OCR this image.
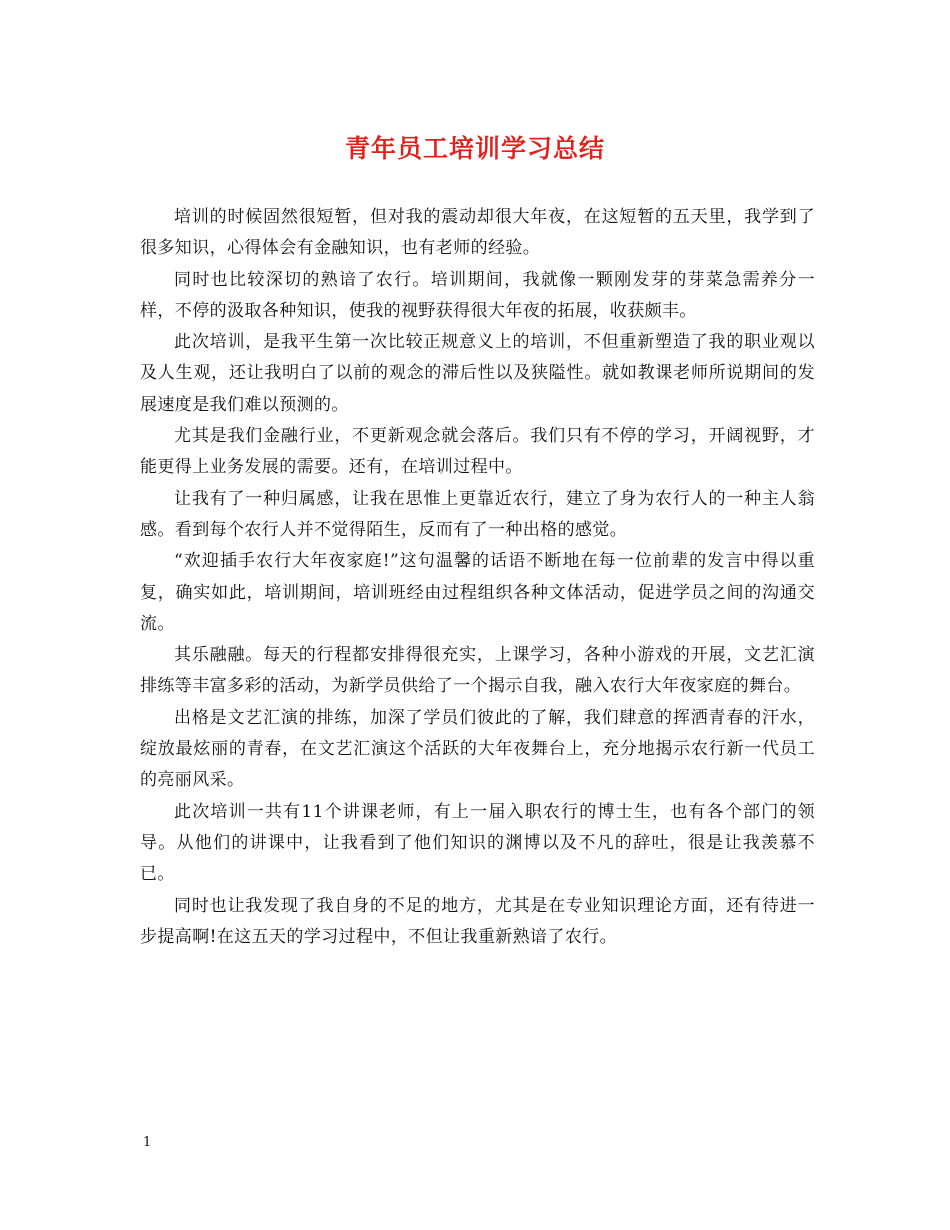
青年员工培训学习总结

培训的时候固然很短暂，但对我的震动却很大年夜，在这短暂的五天里，我学到了很多知识，心得体会有金融知识，也有老师的经验。

同时也比较深切的熟谙了农行。培训期间，我就像一颗刚发芽的芽菜急需养分一样，不停的汲取各种知识，使我的视野获得很大年夜的拓展，收获颇丰。

此次培训，是我平生第一次比较正规意义上的培训，不但重新塑造了我的职业观以及人生观，还让我明白了以前的观念的滞后性以及狭隘性。就如教课老师所说期间的发展速度是我们难以预测的。

尤其是我们金融行业，不更新观念就会落后。我们只有不停的学习，开阔视野，才能更得上业务发展的需要。还有，在培训过程中。

让我有了一种归属感，让我在思惟上更靠近农行，建立了身为农行人的一种主人翁感。看到每个农行人并不觉得陌生，反而有了一种出格的感觉。

“欢迎插手农行大年夜家庭!”这句温馨的话语不断地在每一位前辈的发言中得以重复，确实如此，培训期间，培训班经由过程组织各种文体活动，促进学员之间的沟通交流。

其乐融融。每天的行程都安排得很充实，上课学习，各种小游戏的开展，文艺汇演排练等丰富多彩的活动，为新学员供给了一个揭示自我，融入农行大年夜家庭的舞台。

出格是文艺汇演的排练，加深了学员们彼此的了解，我们肆意的挥洒青春的汗水，绽放最炫丽的青春，在文艺汇演这个活跃的大年夜舞台上，充分地揭示农行新一代员工的亮丽风采。

此次培训一共有11个讲课老师，有上一届入职农行的博士生，也有各个部门的领导。从他们的讲课中，让我看到了他们知识的渊博以及不凡的辞吐，很是让我羡慕不已。

同时也让我发现了我自身的不足的地方，尤其是在专业知识理论方面，还有待进一步提高啊!在这五天的学习过程中，不但让我重新熟谙了农行。

1
